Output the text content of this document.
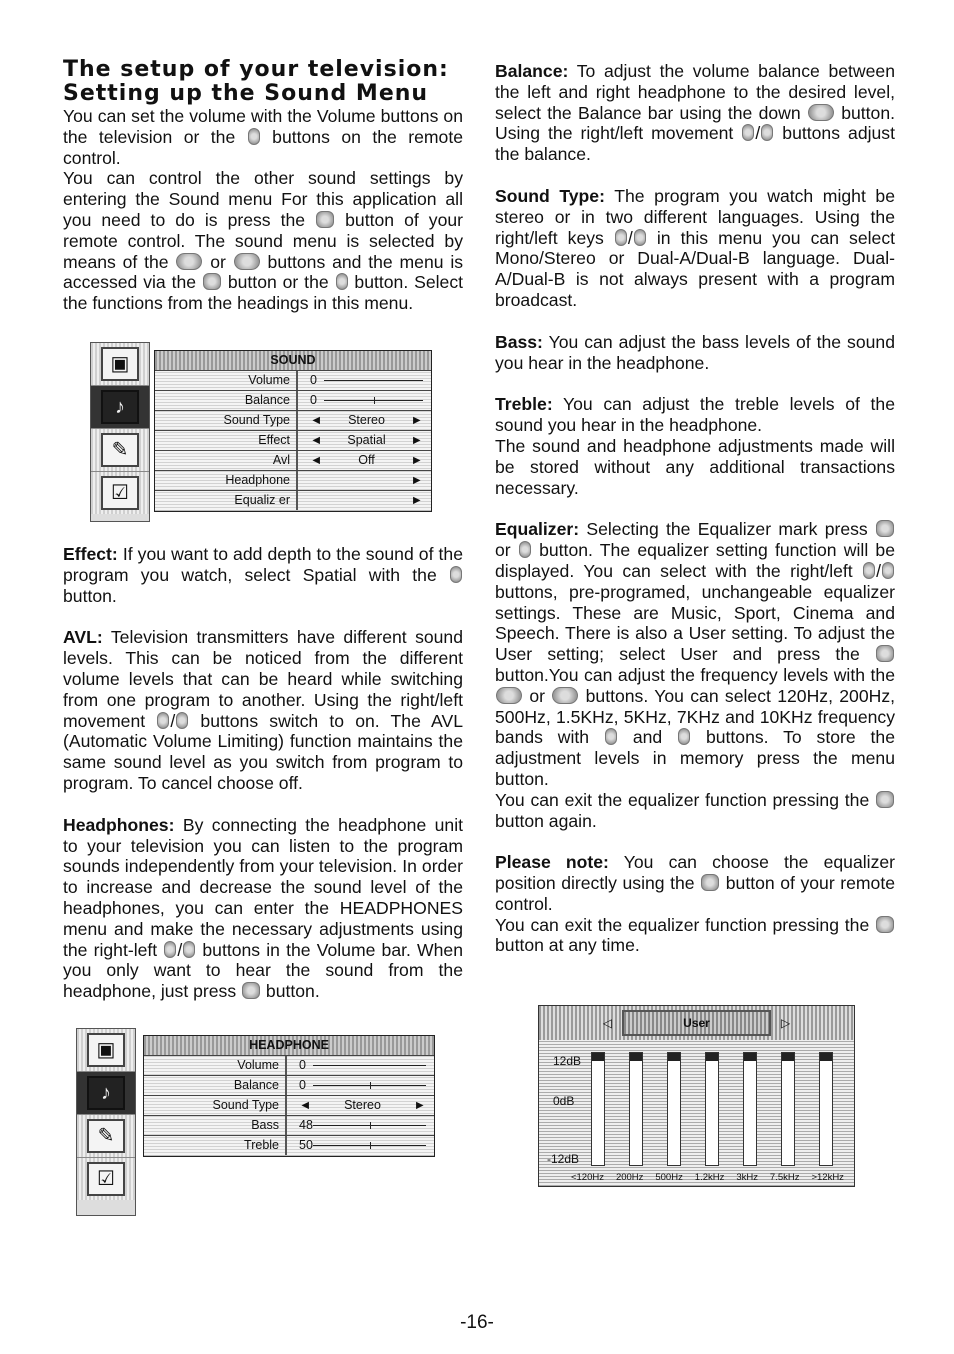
The setup of your television:
Setting up the Sound Menu

You can set the volume with the Volume buttons on the television or the buttons on the remote control.

You can control the other sound settings by entering the Sound menu For this application all you need to do is press the button of your remote control. The sound menu is selected by means of the or buttons and the menu is accessed via the button or the button. Select the functions from the headings in this menu.

▣
♪
✎
☑
SOUND
Volume	0
Balance	0
Sound Type	◄ Stereo ►
Effect	◄ Spatial ►
Avl	◄	Off	►
Headphone	►
Equaliz er	►

Effect: If you want to add depth to the sound of the program you watch, select Spatial with the  button.

AVL: Television transmitters have different sound levels. This can be noticed from the different volume levels that can be heard while switching from one program to another. Using the right/left movement / buttons switch to on. The AVL (Automatic Volume Limiting) function maintains the same sound level as you switch from program to program. To cancel choose off.

Headphones: By connecting the headphone unit to your television you can listen to the program sounds independently from your television. In order to increase and decrease the sound level of the headphones, you can enter the HEADPHONES menu and make the necessary adjustments using the right-left / buttons in the Volume bar. When you only want to hear the sound from the headphone, just press button.

▣
♪
✎
☑
HEADPHONE
Volume	0
Balance	0
Sound Type	◄	Stereo	►
Bass	48
Treble	50

Balance: To adjust the volume balance between the left and right headphone to the desired level, select the Balance bar using the down button. Using the right/left movement / buttons adjust the balance.

Sound Type: The program you watch might be stereo or in two different languages. Using the right/left keys / in this menu you can select Mono/Stereo or Dual-A/Dual-B language. Dual-A/Dual-B is not always present with a program broadcast.

Bass: You can adjust the bass levels of the sound you hear in the headphone.

Treble: You can adjust the treble levels of the sound you hear in the headphone.

The sound and headphone adjustments made will be stored without any additional transactions necessary.

Equalizer: Selecting the Equalizer mark press  or button. The equalizer setting function will be displayed. You can select with the right/left / buttons, pre-programed, unchangeable equalizer settings. These are Music, Sport, Cinema and Speech. There is also a User setting. To adjust the User setting; select User and press the  button.You can adjust the frequency levels with the  or buttons. You can select 120Hz, 200Hz, 500Hz, 1.5KHz, 5KHz, 7KHz and 10KHz frequency bands with and buttons. To store the adjustment levels in memory press the menu button.

You can exit the equalizer function pressing the  button again.

Please note: You can choose the equalizer position directly using the button of your remote control.

You can exit the equalizer function pressing the  button at any time.

◁	User	▷
12dB
0dB
-12dB
<120Hz 200Hz 500Hz 1.2kHz 3kHz 7.5kHz >12kHz
-16-
